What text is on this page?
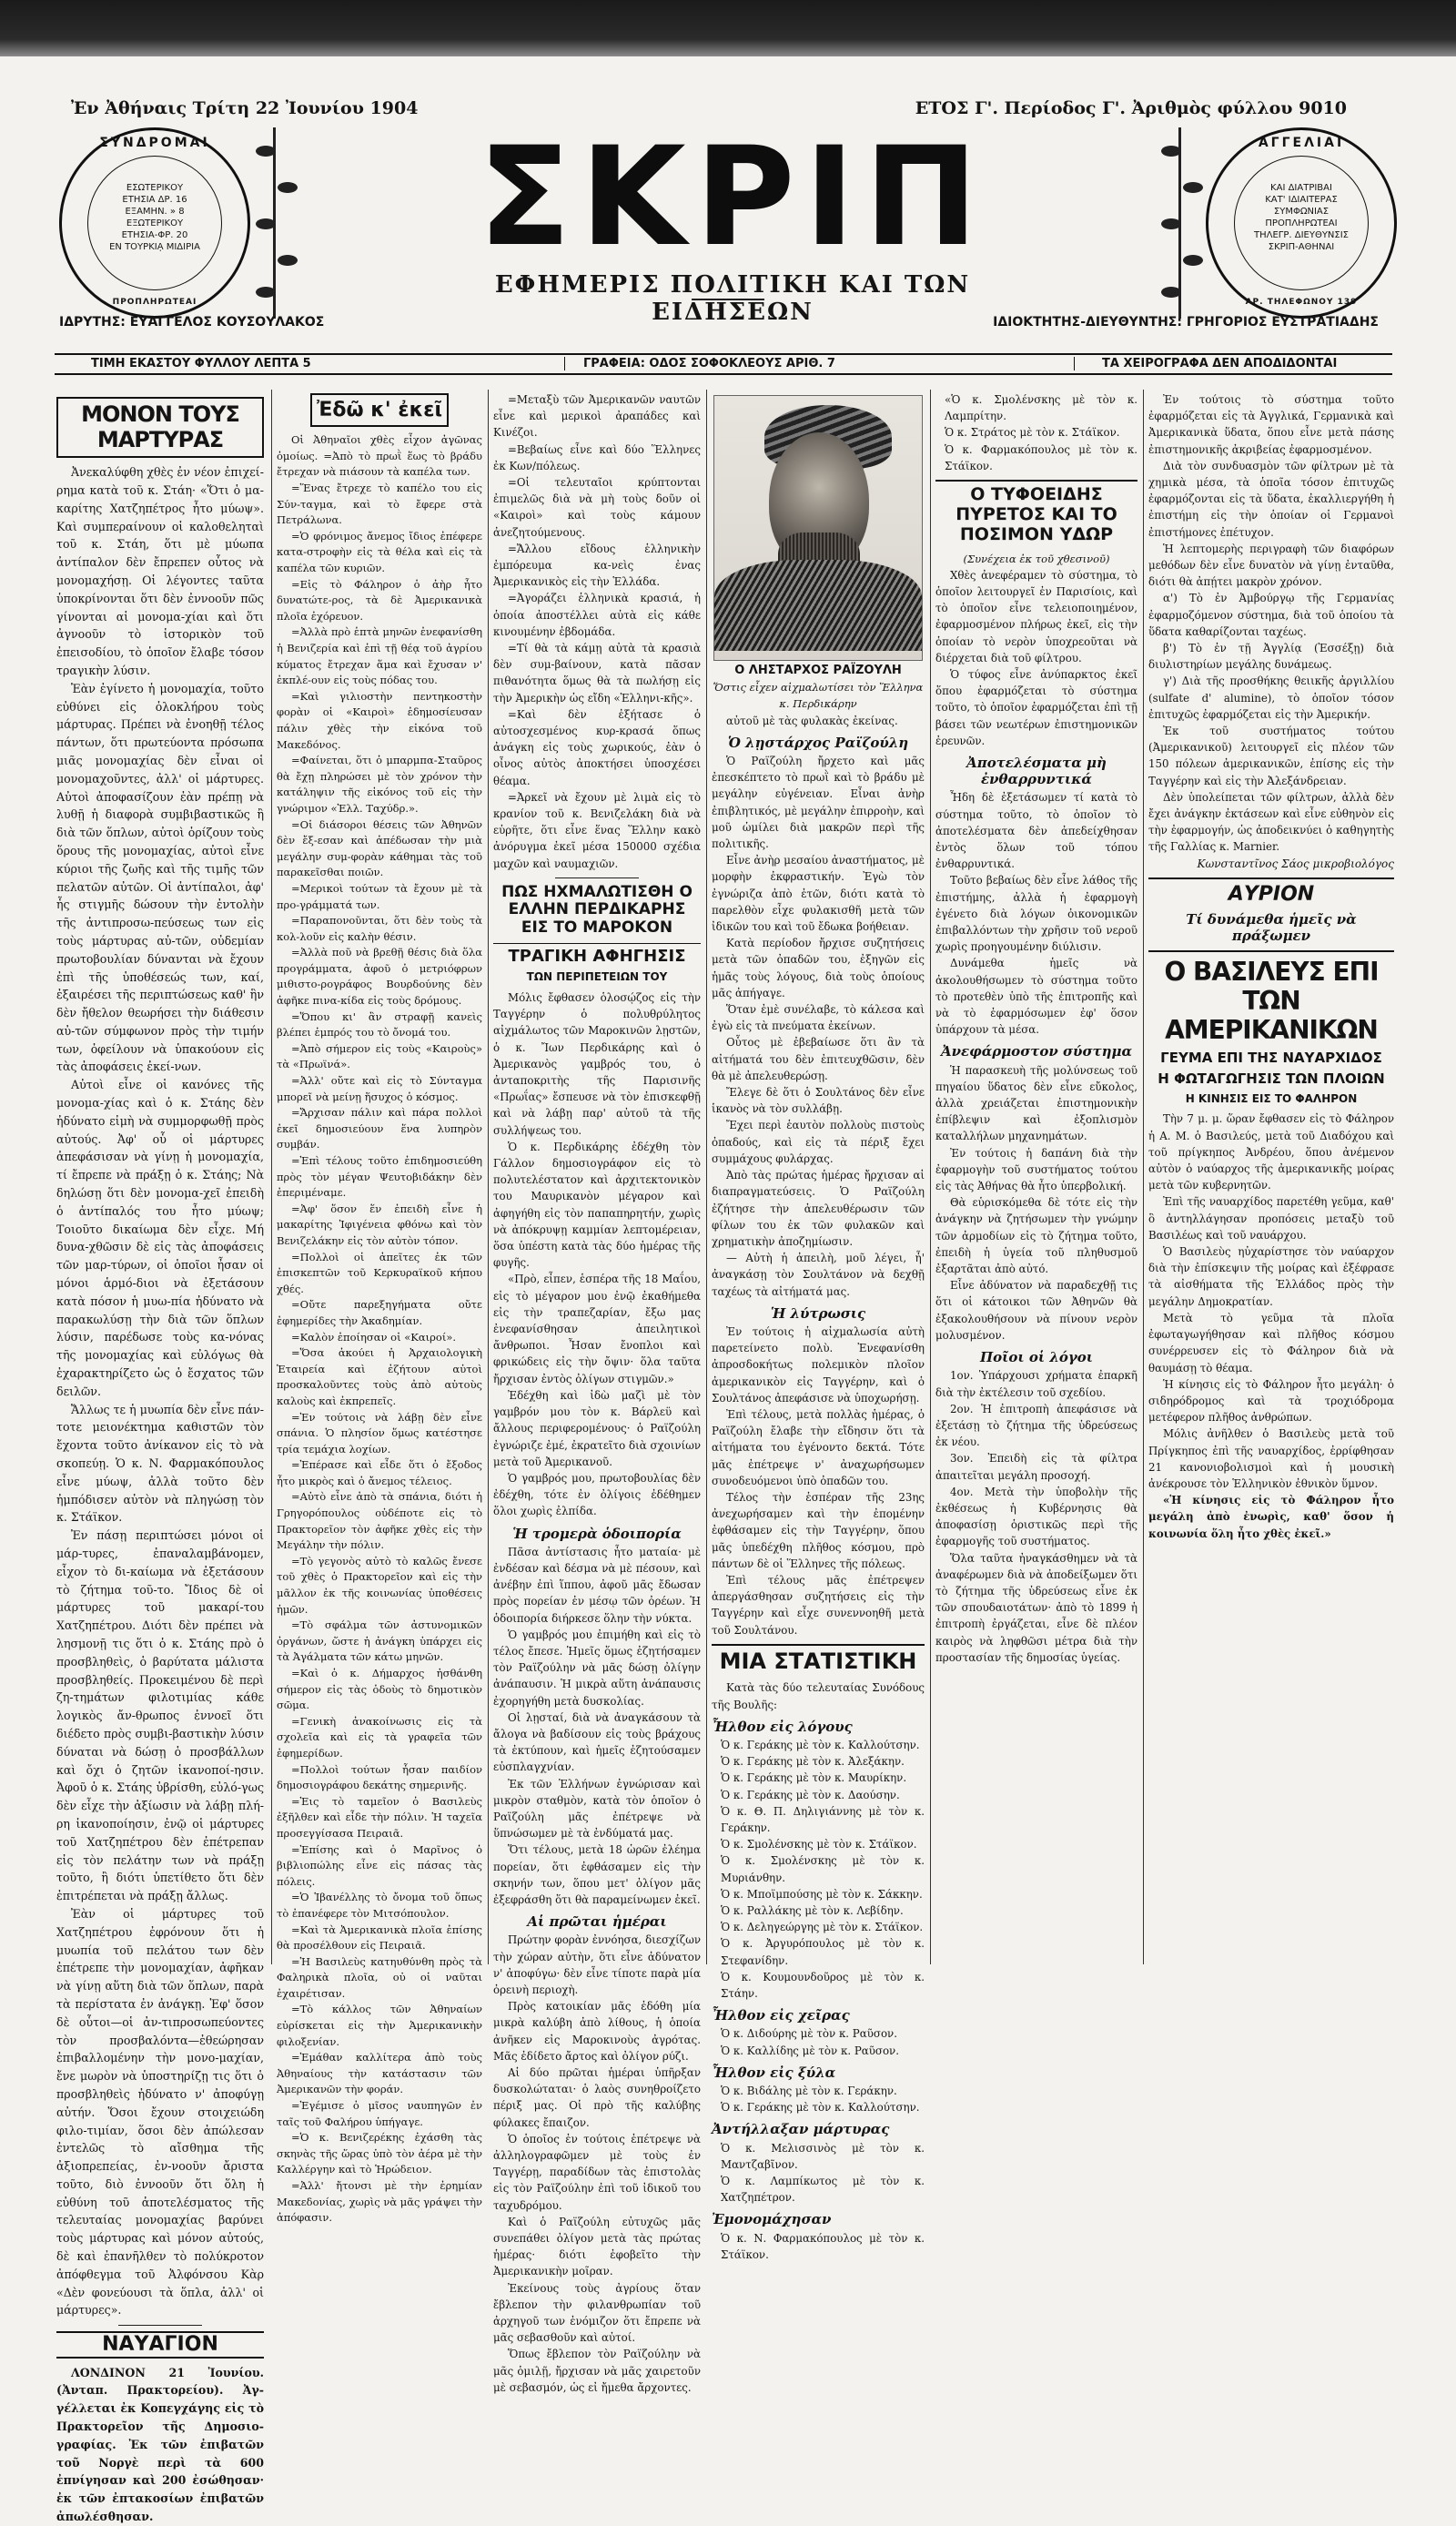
Ἐν Ἀθήναις Τρίτη 22 Ἰουνίου 1904	ΕΤΟΣ Γ'. Περίοδος Γ'. Ἀριθμὸς φύλλου 9010
ΣΥΝΔΡΟΜΑΙ
ΕΣΩΤΕΡΙΚΟΥ
ΕΤΗΣΙΑ ΔΡ. 16
ΕΞΑΜΗΝ. » 8
ΕΞΩΤΕΡΙΚΟΥ
ΕΤΗΣΙΑ-ΦΡ. 20
ΕΝ ΤΟΥΡΚΙᾼ ΜΙΔΙΡΙΑ
ΠΡΟΠΛΗΡΩΤΕΑΙ
ΣΚΡΙΠ
ΕΦΗΜΕΡΙΣ ΠΟΛΙΤΙΚΗ ΚΑΙ ΤΩΝ ΕΙΔΗΣΕΩΝ
ΑΓΓΕΛΙΑΙ
ΚΑΙ ΔΙΑΤΡΙΒΑΙ
ΚΑΤ' ΙΔΙΑΙΤΕΡΑΣ
ΣΥΜΦΩΝΙΑΣ
ΠΡΟΠΛΗΡΩΤΕΑΙ
ΤΗΛΕΓΡ. ΔΙΕΥΘΥΝΣΙΣ
ΣΚΡΙΠ-ΑΘΗΝΑΙ
ΑΡ. ΤΗΛΕΦΩΝΟΥ 139
ΙΔΡΥΤΗΣ: ΕΥΑΓΓΕΛΟΣ ΚΟΥΣΟΥΛΑΚΟΣ	ΙΔΙΟΚΤΗΤΗΣ-ΔΙΕΥΘΥΝΤΗΣ: ΓΡΗΓΟΡΙΟΣ ΕΥΣΤΡΑΤΙΑΔΗΣ
ΤΙΜΗ ΕΚΑΣΤΟΥ ΦΥΛΛΟΥ ΛΕΠΤΑ 5	ΓΡΑΦΕΙΑ: ΟΔΟΣ ΣΟΦΟΚΛΕΟΥΣ ΑΡΙΘ. 7	ΤΑ ΧΕΙΡΟΓΡΑΦΑ ΔΕΝ ΑΠΟΔΙΔΟΝΤΑΙ
ΜΟΝΟΝ ΤΟΥΣ ΜΑΡΤΥΡΑΣ

Ἀνεκαλύφθη χθὲς ἐν νέον ἐπιχεί-ρημα κατὰ τοῦ κ. Στάη· «Ὅτι ὁ μα-καρίτης Χατζηπέτρος ἦτο μύωψ». Καὶ συμπεραίνουν οἱ καλοθεληταὶ τοῦ κ. Στάη, ὅτι μὲ μύωπα ἀντίπαλον δὲν ἔπρεπεν οὗτος νὰ μονομαχήσῃ. Οἱ λέγοντες ταῦτα ὑποκρίνονται ὅτι δὲν ἐννοοῦν πῶς γίνονται αἱ μονομα-χίαι καὶ ὅτι ἀγνοοῦν τὸ ἱστορικὸν τοῦ ἐπεισοδίου, τὸ ὁποῖον ἔλαβε τόσον τραγικὴν λύσιν.

Ἐὰν ἐγίνετο ἡ μονομαχία, τοῦτο εὐθύνει εἰς ὁλοκλήρου τοὺς μάρτυρας. Πρέπει νὰ ἐνοηθῇ τέλος πάντων, ὅτι πρωτεύοντα πρόσωπα μιᾶς μονομαχίας δὲν εἶναι οἱ μονομαχοῦντες, ἀλλ' οἱ μάρτυρες. Αὐτοὶ ἀποφασίζουν ἐὰν πρέπῃ νὰ λυθῇ ἡ διαφορὰ συμβιβαστικῶς ἢ διὰ τῶν ὅπλων, αὐτοὶ ὁρίζουν τοὺς ὅρους τῆς μονομαχίας, αὐτοὶ εἶνε κύριοι τῆς ζωῆς καὶ τῆς τιμῆς τῶν πελατῶν αὐτῶν. Οἱ ἀντίπαλοι, ἀφ' ἧς στιγμῆς δώσουν τὴν ἐντολὴν τῆς ἀντιπροσω-πεύσεως των εἰς τοὺς μάρτυρας αὐ-τῶν, οὐδεμίαν πρωτοβουλίαν δύνανται νὰ ἔχουν ἐπὶ τῆς ὑποθέσεώς των, καί, ἐξαιρέσει τῆς περιπτώσεως καθ' ἣν δὲν ἤθελον θεωρήσει τὴν διάθεσιν αὐ-τῶν σύμφωνον πρὸς τὴν τιμήν των, ὀφείλουν νὰ ὑπακούουν εἰς τὰς ἀποφάσεις ἐκεί-νων.

Αὐτοὶ εἶνε οἱ κανόνες τῆς μονομα-χίας καὶ ὁ κ. Στάης δὲν ἠδύνατο εἰμὴ νὰ συμμορφωθῇ πρὸς αὐτούς. Ἀφ' οὗ οἱ μάρτυρες ἀπεφάσισαν νὰ γίνῃ ἡ μονομαχία, τί ἔπρεπε νὰ πράξῃ ὁ κ. Στάης; Νὰ δηλώσῃ ὅτι δὲν μονομα-χεῖ ἐπειδὴ ὁ ἀντίπαλός του ἦτο μύωψ; Τοιοῦτο δικαίωμα δὲν εἶχε. Μή δυνα-χθῶσιν δὲ εἰς τὰς ἀποφάσεις τῶν μαρ-τύρων, οἱ ὁποῖοι ἦσαν οἱ μόνοι ἁρμό-διοι νὰ ἐξετάσουν κατὰ πόσον ἡ μυω-πία ἠδύνατο νὰ παρακωλύσῃ τὴν διὰ τῶν ὅπλων λύσιν, παρέδωσε τοὺς κα-νόνας τῆς μονομαχίας καὶ εὐλόγως θὰ ἐχαρακτηρίζετο ὡς ὁ ἔσχατος τῶν δειλῶν.

Ἄλλως τε ἡ μυωπία δὲν εἶνε πάν-τοτε μειονέκτημα καθιστῶν τὸν ἔχοντα τοῦτο ἀνίκανον εἰς τὸ νὰ σκοπεύῃ. Ὁ κ. Ν. Φαρμακόπουλος εἶνε μύωψ, ἀλλὰ τοῦτο δὲν ἠμπόδισεν αὐτὸν νὰ πληγώσῃ τὸν κ. Στάϊκον.

Ἐν πάσῃ περιπτώσει μόνοι οἱ μάρ-τυρες, ἐπαναλαμβάνομεν, εἶχον τὸ δι-καίωμα νὰ ἐξετάσουν τὸ ζήτημα τοῦ-το. Ἴδιος δὲ οἱ μάρτυρες τοῦ μακαρί-του Χατζηπέτρου. Διότι δὲν πρέπει νὰ λησμονῇ τις ὅτι ὁ κ. Στάης πρὸ ὁ προσβληθεὶς, ὁ βαρύτατα μάλιστα προσβληθείς. Προκειμένου δὲ περὶ ζη-τημάτων φιλοτιμίας κάθε λογικὸς ἄν-θρωπος ἐννοεῖ ὅτι διέδετο πρὸς συμβι-βαστικὴν λύσιν δύναται νὰ δώσῃ ὁ προσβάλλων καὶ ὄχι ὁ ζητῶν ἱκανοποί-ησιν. Ἀφοῦ ὁ κ. Στάης ὑβρίσθη, εὐλό-γως δὲν εἶχε τὴν ἀξίωσιν νὰ λάβῃ πλή-ρη ἱκανοποίησιν, ἐνῷ οἱ μάρτυρες τοῦ Χατζηπέτρου δὲν ἐπέτρεπαν εἰς τὸν πελάτην των νὰ πράξῃ τοῦτο, ἢ διότι ὑπετίθετο ὅτι δὲν ἐπιτρέπεται νὰ πράξῃ ἄλλως.

Ἐὰν οἱ μάρτυρες τοῦ Χατζηπέτρου ἐφρόνουν ὅτι ἡ μυωπία τοῦ πελάτου των δὲν ἐπέτρεπε τὴν μονομαχίαν, ἀφῆκαν νὰ γίνῃ αὕτη διὰ τῶν ὅπλων, παρὰ τὰ περίστατα ἐν ἀνάγκῃ. Ἐφ' ὅσον δὲ οὗτοι—οἱ ἀν-τιπροσωπεύοντες τὸν προσβαλόντα—ἐθεώρησαν ἐπιβαλλομένην τὴν μονο-μαχίαν, ἔνε μωρὸν νὰ ὑποστηρίζῃ τις ὅτι ὁ προσβληθεὶς ἠδύνατο ν' ἀποφύγῃ αὐτήν. Ὅσοι ἔχουν στοιχειώδη φιλο-τιμίαν, ὅσοι δὲν ἀπώλεσαν ἐντελῶς τὸ αἴσθημα τῆς ἀξιοπρεπείας, ἐν-νοοῦν ἄριστα τοῦτο, διὸ ἐννοοῦν ὅτι ὅλη ἡ εὐθύνη τοῦ ἀποτελέσματος τῆς τελευταίας μονομαχίας βαρύνει τοὺς μάρτυρας καὶ μόνον αὐτούς, δὲ καὶ ἐπανῆλθεν τὸ πολύκροτον ἀπόφθεγμα τοῦ Ἀλφόνσου Κὰρ «Δὲν φονεύουσι τὰ ὅπλα, ἀλλ' οἱ μάρτυρες».

ΝΑΥΑΓΙΟΝ

ΛΟΝΔΙΝΟΝ 21 Ἰουνίου. (Ἀνταπ. Πρακτορείου). Ἀγ-γέλλεται ἐκ Κοπεγχάγης εἰς τὸ Πρακτορεῖον τῆς Δημοσιο-γραφίας. Ἐκ τῶν ἐπιβατῶν τοῦ Νοργὲ περὶ τὰ 600 ἐπνίγησαν καὶ 200 ἐσώθησαν· ἐκ τῶν ἐπτακοσίων ἐπιβατῶν ἀπωλέσθησαν.

Ἐδῶ κ' ἐκεῖ

Οἱ Ἀθηναῖοι χθὲς εἶχον ἀγῶνας ὁμοίως. =Ἀπὸ τὸ πρωῒ ἕως τὸ βράδυ ἔτρεχαν νὰ πιάσουν τὰ καπέλα των.

=Ἕνας ἔτρεχε τὸ καπέλο του εἰς Σύν-ταγμα, καὶ τὸ ἔφερε στὰ Πετράλωνα.

=Ὁ φρόνιμος ἄνεμος ἴδιος ἐπέφερε κατα-στροφὴν εἰς τὰ θέλα καὶ εἰς τὰ καπέλα τῶν κυριῶν.

=Εἰς τὸ Φάληρον ὁ ἀὴρ ἦτο δυνατώτε-ρος, τὰ δὲ Ἀμερικανικὰ πλοῖα ἐχόρευον.

=Ἀλλὰ πρὸ ἑπτὰ μηνῶν ἐνεφανίσθη ἡ Βενιζερία καὶ ἐπὶ τῇ θέᾳ τοῦ ἀγρίου κύματος ἔτρεχαν ἅμα καὶ ἔχυσαν ν' ἐκπλέ-ουν εἰς τοὺς πόδας του.

=Καὶ γιλιοστὴν πεντηκοστὴν φορὰν οἱ «Καιροὶ» ἐδημοσίευσαν πάλιν χθὲς τὴν εἰκόνα τοῦ Μακεδόνος.

=Φαίνεται, ὅτι ὁ μπαρμπα-Σταῦρος θὰ ἔχῃ πληρώσει μὲ τὸν χρόνον τὴν κατάληψιν τῆς εἰκόνος τοῦ εἰς τὴν γνώριμον «Ἐλλ. Ταχύδρ.».

=Οἱ διάσοροι θέσεις τῶν Ἀθηνῶν δὲν ἔξ-εσαν καὶ ἀπέδωσαν τὴν μιὰ μεγάλην συμ-φορὰν κάθημαι τὰς τοῦ παρακεῖσθαι ποιῶν.

=Μερικοὶ τούτων τὰ ἔχουν μὲ τὰ προ-γράμματά των.

=Παραπονοῦνται, ὅτι δὲν τοὺς τὰ κολ-λοῦν εἰς καλὴν θέσιν.

=Ἀλλὰ ποῦ νὰ βρεθῇ θέσις διὰ ὅλα προγράμματα, ἀφοῦ ὁ μετριόφρων μιθιστο-ρογράφος Βουρδούνης δὲν ἀφῆκε πινα-κίδα εἰς τοὺς δρόμους.

=Ὅπου κι' ἂν στραφῇ κανεὶς βλέπει ἐμπρός του τὸ ὄνομά του.

=Ἀπὸ σήμερον εἰς τοὺς «Καιροὺς» τὰ «Πρωϊνά».

=Ἀλλ' οὔτε καὶ εἰς τὸ Σύνταγμα μπορεῖ νὰ μείνῃ ἥσυχος ὁ κόσμος.

=Ἄρχισαν πάλιν καὶ πάρα πολλοὶ ἐκεῖ δημοσιεύουν ἕνα λυπηρὸν συμβάν.

=Ἐπὶ τέλους τοῦτο ἐπιδημοσιεύθη πρὸς τὸν μέγαν Ψευτοβιδάκην δὲν ἐπεριμέναμε.

=Ἀφ' ὅσον ἕν ἐπειδὴ εἶνε ἡ μακαρίτης Ἰφιγένεια φθόνω καὶ τὸν Βενιζελάκην εἰς τὸν αὐτὸν τόπον.

=Πολλοὶ οἱ ἀπεῖτες ἐκ τῶν ἐπισκεπτῶν τοῦ Κερκυραϊκοῦ κήπου χθές.

=Οὔτε παρεξηγήματα οὔτε ἐφημερίδες τὴν Ἀκαδημίαν.

=Καλὸν ἐποίησαν οἱ «Καιροί».

=Ὅσα ἀκούει ἡ Ἀρχαιολογικὴ Ἑταιρεία καὶ ἐζήτουν αὐτοὶ προσκαλοῦντες τοὺς ἀπὸ αὐτοὺς καλοὺς καὶ ἐκπρεπεῖς.

=Ἐν τούτοις νὰ λάβῃ δὲν εἶνε σπάνια. Ὁ πλησίον ὅμως κατέστησε τρία τεμάχια λοχίων.

=Ἐπέρασε καὶ εἶδε ὅτι ὁ ἔξοδος ἦτο μικρὸς καὶ ὁ ἄνεμος τέλειος.

=Αὐτὸ εἶνε ἀπὸ τὰ σπάνια, διότι ἡ Γρηγορόπουλος οὐδέποτε εἰς τὸ Πρακτορεῖον τὸν ἀφῆκε χθὲς εἰς τὴν Μεγάλην τὴν πόλιν.

=Τὸ γεγονὸς αὐτὸ τὸ καλῶς ἔνεσε τοῦ χθὲς ὁ Πρακτορεῖον καὶ εἰς τὴν μᾶλλον ἐκ τῆς κοινωνίας ὑποθέσεις ἡμῶν.

=Τὸ σφάλμα τῶν ἀστυνομικῶν ὀργάνων, ὥστε ἡ ἀνάγκη ὑπάρχει εἰς τὰ Ἀγάλματα τῶν κάτω μηνῶν.

=Καὶ ὁ κ. Δήμαρχος ἠσθάνθη σήμερον εἰς τὰς ὁδοὺς τὸ δημοτικὸν σῶμα.

=Γενικὴ ἀνακοίνωσις εἰς τὰ σχολεῖα καὶ εἰς τὰ γραφεῖα τῶν ἐφημερίδων.

=Πολλοὶ τούτων ἦσαν παιδίον δημοσιογράφου δεκάτης σημερινῆς.

=Ἐις τὸ ταμεῖον ὁ Βασιλεὺς ἐξῆλθεν καὶ εἶδε τὴν πόλιν. Ἡ ταχεῖα προσεγγίσασα Πειραιᾶ.

=Ἐπίσης καὶ ὁ Μαρῖνος ὁ βιβλιοπώλης εἶνε εἰς πάσας τὰς πόλεις.

=Ὁ Ἱβανέλλης τὸ ὄνομα τοῦ ὅπως τὸ ἐπανέφερε τὸν Μιτσόπουλον.

=Καὶ τὰ Ἀμερικανικὰ πλοῖα ἐπίσης θὰ προσέλθουν εἰς Πειραιᾶ.

=Ἡ Βασιλεὺς κατηυθύνθη πρὸς τὰ Φαληρικὰ πλοῖα, οὐ οἱ ναῦται ἐχαιρέτισαν.

=Τὸ κάλλος τῶν Ἀθηναίων εὐρίσκεται εἰς τὴν Ἀμερικανικὴν φιλοξενίαν.

=Ἐμάθαν καλλίτερα ἀπὸ τοὺς Ἀθηναίους τὴν κατάστασιν τῶν Ἀμερικανῶν τὴν φοράν.

=Ἐγέμισε ὁ μῖσος ναυπηγῶν ἐν ταῖς τοῦ Φαλήρου ὑπήγαγε.

=Ὁ κ. Βενιζερέκης ἐχάσθη τὰς σκηνὰς τῆς ὥρας ὑπὸ τὸν ἀέρα μὲ τὴν Καλλέργην καὶ τὸ Ἡρώδειον.

=Ἀλλ' ἤτονσι μὲ τὴν ἐρημίαν Μακεδονίας, χωρὶς νὰ μᾶς γράψει τὴν ἀπόφασιν.

=Μεταξὺ τῶν Ἀμερικανῶν ναυτῶν εἶνε καὶ μερικοὶ ἀραπάδες καὶ Κινέζοι.

=Βεβαίως εἶνε καὶ δύο Ἕλληνες ἐκ Κων/πόλεως.

=Οἱ τελευταῖοι κρύπτονται ἐπιμελῶς διὰ νὰ μὴ τοὺς δοῦν οἱ «Καιροὶ» καὶ τοὺς κάμουν ἀνεζητούμενους.

=Ἄλλου εἴδους ἑλληνικὴν ἐμπόρευμα κα-νεὶς ἐνας Ἀμερικανικὸς εἰς τὴν Ἑλλάδα.

=Ἀγοράζει ἑλληνικὰ κρασιά, ἡ ὁποία ἀποστέλλει αὐτὰ εἰς κάθε κινουμένην ἐβδομάδα.

=Τί θὰ τὰ κάμῃ αὐτὰ τὰ κρασιὰ δὲν συμ-βαίνουν, κατὰ πᾶσαν πιθανότητα ὅμως θὰ τὰ πωλήσῃ εἰς τὴν Ἀμερικὴν ὡς εἴδη «Ἑλληνι-κῆς».

=Καὶ δὲν ἐξήτασε ὁ αὐτοσχεσμένος κυρ-κρασά ὅπως ἀνάγκη εἰς τοὺς χωρικούς, ἐὰν ὁ οἶνος αὐτὸς ἀποκτήσει ὑποσχέσει θέαμα.

=Ἀρκεῖ νὰ ἔχουν μὲ λιμὰ εἰς τὸ κρανίον τοῦ κ. Βενιζελάκη διὰ νὰ εὑρῆτε, ὅτι εἶνε ἕνας Ἕλλην κακὸ ἀνόρυγμα ἐκεῖ μέσα 150000 σχέδια μαχῶν καὶ ναυμαχιῶν.

ΠΩΣ ΗΧΜΑΛΩΤΙΣΘΗ Ο ΕΛΛΗΝ ΠΕΡΔΙΚΑΡΗΣ ΕΙΣ ΤΟ ΜΑΡΟΚΟΝ
ΤΡΑΓΙΚΗ ΑΦΗΓΗΣΙΣ
ΤΩΝ ΠΕΡΙΠΕΤΕΙΩΝ ΤΟΥ

Μόλις ἔφθασεν ὁλοσῴζος εἰς τὴν Ταγγέρην ὁ πολυθρύλητος αἰχμάλωτος τῶν Μαροκινῶν λῃστῶν, ὁ κ. Ἴων Περδικάρης καὶ ὁ Ἀμερικανὸς γαμβρός του, ὁ ἀνταποκριτὴς τῆς Παρισινῆς «Πρωΐας» ἔσπευσε νὰ τὸν ἐπισκεφθῇ καὶ νὰ λάβῃ παρ' αὐτοῦ τὰ τῆς συλλήψεως του.

Ὁ κ. Περδικάρης ἐδέχθη τὸν Γάλλον δημοσιογράφον εἰς τὸ πολυτελέστατον καὶ ἀρχιτεκτονικὸν του Μαυρικανὸν μέγαρον καὶ ἀφηγήθη εἰς τὸν παπαπηρητήν, χωρὶς νὰ ἀπόκρυψῃ καμμίαν λεπτομέρειαν, ὅσα ὑπέστη κατὰ τὰς δύο ἡμέρας τῆς φυγῆς.

«Πρὸ, εἶπεν, ἑσπέρα τῆς 18 Μαΐου, εἰς τὸ μέγαρον μου ἐνῷ ἐκαθήμεθα εἰς τὴν τραπεζαρίαν, ἔξω μας ἐνεφανίσθησαν ἀπειλητικοὶ ἄνθρωποι. Ἦσαν ἔνοπλοι καὶ φρικώδεις εἰς τὴν ὄψιν· ὅλα ταῦτα ἤρχισαν ἐντὸς ὀλίγων στιγμῶν.»

Ἐδέχθη καὶ ἰδὼ μαζὶ μὲ τὸν γαμβρόν μου τὸν κ. Βάρλεϋ καὶ ἄλλους περιφερομένους· ὁ Ραϊζούλη ἐγνώριζε ἐμέ, ἐκρατεῖτο διὰ σχοινίων μετὰ τοῦ Ἀμερικανοῦ.

Ὁ γαμβρός μου, πρωτοβουλίας δὲν ἐδέχθη, τότε ἐν ὀλίγοις ἐδέθημεν ὅλοι χωρὶς ἐλπίδα.

Ἡ τρομερὰ ὁδοιπορία

Πᾶσα ἀντίστασις ἦτο ματαία· μὲ ἐνδέσαν καὶ δέσμα νὰ μὲ πέσουν, καὶ ἀνέβην ἐπὶ ἵππου, ἀφοῦ μᾶς ἔδωσαν πρὸς πορείαν ἐν μέσῳ τῶν ὀρέων. Ἡ ὁδοιπορία διήρκεσε ὅλην τὴν νύκτα.

Ὁ γαμβρός μου ἐπιμήθη καὶ εἰς τὸ τέλος ἔπεσε. Ἡμεῖς ὅμως ἐζητήσαμεν τὸν Ραϊζούλην νὰ μᾶς δώσῃ ὀλίγην ἀνάπαυσιν. Ἡ μικρὰ αὕτη ἀνάπαυσις ἐχορηγήθη μετὰ δυσκολίας.

Οἱ λῃσταί, διὰ νὰ ἀναγκάσουν τὰ ἄλογα νὰ βαδίσουν εἰς τοὺς βράχους τὰ ἐκτύπουν, καὶ ἡμεῖς ἐζητούσαμεν εὐσπλαγχνίαν.

Ἐκ τῶν Ἑλλήνων ἐγνώρισαν καὶ μικρὸν σταθμὸν, κατὰ τὸν ὁποῖον ὁ Ραϊζούλη μᾶς ἐπέτρεψε νὰ ὕπνώσωμεν μὲ τὰ ἐνδύματά μας.

Ὅτι τέλους, μετὰ 18 ὡρῶν ἐλέημα πορείαν, ὅτι ἐφθάσαμεν εἰς τὴν σκηνήν των, ὅπου μετ' ὀλίγον μᾶς ἐξεφράσθη ὅτι θὰ παραμείνωμεν ἐκεῖ.

Αἱ πρῶται ἡμέραι

Πρώτην φορὰν ἐννόησα, διεσχίζων τὴν χώραν αὐτὴν, ὅτι εἶνε ἀδύνατον ν' ἀποφύγω· δὲν εἶνε τίποτε παρὰ μία ὀρεινὴ περιοχὴ.

Πρὸς κατοικίαν μᾶς ἐδόθη μία μικρὰ καλύβη ἀπὸ λίθους, ἡ ὁποία ἀνῆκεν εἰς Μαροκινοὺς ἀγρότας. Μᾶς ἐδίδετο ἄρτος καὶ ὀλίγον ρύζι.

Αἱ δύο πρῶται ἡμέραι ὑπῆρξαν δυσκολώταται· ὁ λαὸς συνηθροίζετο πέριξ μας. Οἱ πρὸ τῆς καλύβης φύλακες ἔπαιζον.

Ὁ ὁποῖος ἐν τούτοις ἐπέτρεψε νὰ ἀλληλογραφῶμεν μὲ τοὺς ἐν Ταγγέρῃ, παραδίδων τὰς ἐπιστολὰς εἰς τὸν Ραϊζούλην ἐπὶ τοῦ ἰδικοῦ του ταχυδρόμου.

Καὶ ὁ Ραϊζούλη εὐτυχῶς μᾶς συνεπάθει ὀλίγον μετὰ τὰς πρώτας ἡμέρας· διότι ἐφοβεῖτο τὴν Ἀμερικανικὴν μοῖραν.

Ἐκείνους τοὺς ἀγρίους ὅταν ἔβλεπον τὴν φιλανθρωπίαν τοῦ ἀρχηγοῦ των ἐνόμιζον ὅτι ἔπρεπε νὰ μᾶς σεβασθοῦν καὶ αὐτοί.

Ὅπως ἔβλεπον τὸν Ραϊζούλην νὰ μᾶς ὁμιλῇ, ἤρχισαν νὰ μᾶς χαιρετοῦν μὲ σεβασμόν, ὡς εἰ ἤμεθα ἄρχοντες.

Ο ΛΗΣΤΑΡΧΟΣ ΡΑΪΖΟΥΛΗ
Ὅστις εἶχεν αἰχμαλωτίσει τὸν Ἕλληνα κ. Περδικάρην

αὐτοῦ μὲ τὰς φυλακὰς ἐκείνας.

Ὁ λῃστάρχος Ραϊζούλη

Ὁ Ραϊζούλη ἤρχετο καὶ μᾶς ἐπεσκέπτετο τὸ πρωῒ καὶ τὸ βράδυ μὲ μεγάλην εὐγένειαν. Εἶναι ἀνὴρ ἐπιβλητικός, μὲ μεγάλην ἐπιρροὴν, καὶ μοῦ ὡμίλει διὰ μακρῶν περὶ τῆς πολιτικῆς.

Εἶνε ἀνὴρ μεσαίου ἀναστήματος, μὲ μορφὴν ἐκφραστικήν. Ἐγὼ τὸν ἐγνώριζα ἀπὸ ἐτῶν, διότι κατὰ τὸ παρελθὸν εἶχε φυλακισθῆ μετὰ τῶν ἰδικῶν του καὶ τοῦ ἔδωκα βοήθειαν.

Κατὰ περίοδον ἤρχισε συζητήσεις μετὰ τῶν ὀπαδῶν του, ἐξηγῶν εἰς ἡμᾶς τοὺς λόγους, διὰ τοὺς ὁποίους μᾶς ἀπήγαγε.

Ὅταν ἐμὲ συνέλαβε, τὸ κάλεσα καὶ ἐγὼ εἰς τὰ πνεύματα ἐκείνων.

Οὗτος μὲ ἐβεβαίωσε ὅτι ἂν τὰ αἰτήματά του δὲν ἐπιτευχθῶσιν, δὲν θὰ μὲ ἀπελευθερώσῃ.

Ἔλεγε δὲ ὅτι ὁ Σουλτάνος δὲν εἶνε ἱκανὸς νὰ τὸν συλλάβῃ.

Ἔχει περὶ ἑαυτὸν πολλοὺς πιστοὺς ὀπαδούς, καὶ εἰς τὰ πέριξ ἔχει συμμάχους φυλάρχας.

Ἀπὸ τὰς πρώτας ἡμέρας ἤρχισαν αἱ διαπραγματεύσεις. Ὁ Ραϊζούλη ἐζήτησε τὴν ἀπελευθέρωσιν τῶν φίλων του ἐκ τῶν φυλακῶν καὶ χρηματικὴν ἀποζημίωσιν.

— Αὐτὴ ἡ ἀπειλὴ, μοῦ λέγει, ἦ' ἀναγκάσῃ τὸν Σουλτάνον νὰ δεχθῇ ταχέως τὰ αἰτήματά μας.

Ἡ λύτρωσις

Ἐν τούτοις ἡ αἰχμαλωσία αὐτὴ παρετείνετο πολὺ. Ἐνεφανίσθη ἀπροσδοκήτως πολεμικὸν πλοῖον ἀμερικανικὸν εἰς Ταγγέρην, καὶ ὁ Σουλτάνος ἀπεφάσισε νὰ ὑποχωρήσῃ.

Ἐπὶ τέλους, μετὰ πολλὰς ἡμέρας, ὁ Ραϊζούλη ἔλαβε τὴν εἴδησιν ὅτι τὰ αἰτήματα του ἐγένοντο δεκτά. Τότε μᾶς ἐπέτρεψε ν' ἀναχωρήσωμεν συνοδευόμενοι ὑπὸ ὀπαδῶν του.

Τέλος τὴν ἑσπέραν τῆς 23ης ἀνεχωρήσαμεν καὶ τὴν ἐπομένην ἐφθάσαμεν εἰς τὴν Ταγγέρην, ὅπου μᾶς ὑπεδέχθη πλῆθος κόσμου, πρὸ πάντων δὲ οἱ Ἕλληνες τῆς πόλεως.

Ἐπὶ τέλους μᾶς ἐπέτρεψεν ἀπεργάσθησαν συζητήσεις εἰς τὴν Ταγγέρην καὶ εἶχε συνεννοηθῆ μετὰ τοῦ Σουλτάνου.

ΜΙΑ ΣΤΑΤΙΣΤΙΚΗ

Κατὰ τὰς δύο τελευταίας Συνόδους τῆς Βουλῆς:

Ἦλθον εἰς λόγους

Ὁ κ. Γεράκης μὲ τὸν κ. Καλλούτσην.

Ὁ κ. Γεράκης μὲ τὸν κ. Ἀλεξάκην.

Ὁ κ. Γεράκης μὲ τὸν κ. Μαυρίκην.

Ὁ κ. Γεράκης μὲ τὸν κ. Δαούσην.

Ὁ κ. Θ. Π. Δηλιγιάννης μὲ τὸν κ. Γεράκην.

Ὁ κ. Σμολένσκης μὲ τὸν κ. Στάϊκον.

Ὁ κ. Σμολένσκης μὲ τὸν κ. Μυριάνθην.

Ὁ κ. Μποϊμπούσης μὲ τὸν κ. Σάκκην.

Ὁ κ. Ραλλάκης μὲ τὸν κ. Λεβίδην.

Ὁ κ. Δεληγεώργης μὲ τὸν κ. Στάϊκον.

Ὁ κ. Ἀργυρόπουλος μὲ τὸν κ. Στεφανίδην.

Ὁ κ. Κουμουνδοῦρος μὲ τὸν κ. Στάην.

Ἦλθον εἰς χεῖρας

Ὁ κ. Διδούρης μὲ τὸν κ. Ραῦσον.

Ὁ κ. Καλλίδης μὲ τὸν κ. Ραῦσον.

Ἦλθον εἰς ξύλα

Ὁ κ. Βιδάλης μὲ τὸν κ. Γεράκην.

Ὁ κ. Γεράκης μὲ τὸν κ. Καλλούτσην.

Ἀντήλλαξαν μάρτυρας

Ὁ κ. Μελισσινὸς μὲ τὸν κ. Μαντζαβῖνον.

Ὁ κ. Λαμπίκωτος μὲ τὸν κ. Χατζηπέτρον.

Ἐμονομάχησαν

Ὁ κ. Ν. Φαρμακόπουλος μὲ τὸν κ. Στάϊκον.

«Ὁ κ. Σμολένσκης μὲ τὸν κ. Λαμπρίτην.

Ὁ κ. Στράτος μὲ τὸν κ. Στάϊκον.

Ὁ κ. Φαρμακόπουλος μὲ τὸν κ. Στάϊκον.

Ο ΤΥΦΟΕΙΔΗΣ ΠΥΡΕΤΟΣ ΚΑΙ ΤΟ ΠΟΣΙΜΟΝ ΥΔΩΡ
(Συνέχεια ἐκ τοῦ χθεσινοῦ)

Χθὲς ἀνεφέραμεν τὸ σύστημα, τὸ ὁποῖον λειτουργεῖ ἐν Παρισίοις, καὶ τὸ ὁποῖον εἶνε τελειοποιημένον, ἐφαρμοσμένον πλήρως ἐκεῖ, εἰς τὴν ὁποίαν τὸ νερὸν ὑποχρεοῦται νὰ διέρχεται διὰ τοῦ φίλτρου.

Ὁ τύφος εἶνε ἀνύπαρκτος ἐκεῖ ὅπου ἐφαρμόζεται τὸ σύστημα τοῦτο, τὸ ὁποῖον ἐφαρμόζεται ἐπὶ τῇ βάσει τῶν νεωτέρων ἐπιστημονικῶν ἐρευνῶν.

Ἀποτελέσματα μὴ ἐνθαρρυντικά

Ἦδη δὲ ἐξετάσωμεν τί κατὰ τὸ σύστημα τοῦτο, τὸ ὁποῖον τὸ ἀποτελέσματα δὲν ἀπεδείχθησαν ἐντὸς ὅλων τοῦ τόπου ἐνθαρρυντικά.

Τοῦτο βεβαίως δὲν εἶνε λάθος τῆς ἐπιστήμης, ἀλλὰ ἡ ἐφαρμογὴ ἐγένετο διὰ λόγων ὀικονομικῶν ἐπιβαλλόντων τὴν χρῆσιν τοῦ νεροῦ χωρὶς προηγουμένην διύλισιν.

Δυνάμεθα ἡμεῖς νὰ ἀκολουθήσωμεν τὸ σύστημα τοῦτο τὸ προτεθὲν ὑπὸ τῆς ἐπιτροπῆς καὶ νὰ τὸ ἐφαρμόσωμεν ἐφ' ὅσον ὑπάρχουν τὰ μέσα.

Ἀνεφάρμοστον σύστημα

Ἡ παρασκευὴ τῆς μολύνσεως τοῦ πηγαίου ὕδατος δὲν εἶνε εὔκολος, ἀλλὰ χρειάζεται ἐπιστημονικὴν ἐπίβλεψιν καὶ ἐξοπλισμὸν καταλλήλων μηχανημάτων.

Ἐν τούτοις ἡ δαπάνη διὰ τὴν ἐφαρμογὴν τοῦ συστήματος τούτου εἰς τὰς Ἀθήνας θὰ ἦτο ὑπερβολική.

Θὰ εὑρισκόμεθα δὲ τότε εἰς τὴν ἀνάγκην νὰ ζητήσωμεν τὴν γνώμην τῶν ἀρμοδίων εἰς τὸ ζήτημα τοῦτο, ἐπειδὴ ἡ ὑγεία τοῦ πληθυσμοῦ ἐξαρτᾶται ἀπὸ αὐτό.

Εἶνε ἀδύνατον νὰ παραδεχθῇ τις ὅτι οἱ κάτοικοι τῶν Ἀθηνῶν θὰ ἐξακολουθήσουν νὰ πίνουν νερὸν μολυσμένον.

Ποῖοι οἱ λόγοι

1ον. Ὑπάρχουσι χρήματα ἐπαρκῆ διὰ τὴν ἐκτέλεσιν τοῦ σχεδίου.

2ον. Ἡ ἐπιτροπὴ ἀπεφάσισε νὰ ἐξετάσῃ τὸ ζήτημα τῆς ὑδρεύσεως ἐκ νέου.

3ον. Ἐπειδὴ εἰς τὰ φίλτρα ἀπαιτεῖται μεγάλη προσοχή.

4ον. Μετὰ τὴν ὑποβολὴν τῆς ἐκθέσεως ἡ Κυβέρνησις θὰ ἀποφασίσῃ ὁριστικῶς περὶ τῆς ἐφαρμογῆς τοῦ συστήματος.

Ὅλα ταῦτα ἠναγκάσθημεν νὰ τὰ ἀναφέρωμεν διὰ νὰ ἀποδείξωμεν ὅτι τὸ ζήτημα τῆς ὑδρεύσεως εἶνε ἐκ τῶν σπουδαιοτάτων· ἀπὸ τὸ 1899 ἡ ἐπιτροπὴ ἐργάζεται, εἶνε δὲ πλέον καιρὸς νὰ ληφθῶσι μέτρα διὰ τὴν προστασίαν τῆς δημοσίας ὑγείας.

Ἐν τούτοις τὸ σύστημα τοῦτο ἐφαρμόζεται εἰς τὰ Ἀγγλικά, Γερμανικὰ καὶ Ἀμερικανικὰ ὕδατα, ὅπου εἶνε μετὰ πάσης ἐπιστημονικῆς ἀκριβείας ἐφαρμοσμένον.

Διὰ τὸν συνδυασμὸν τῶν φίλτρων μὲ τὰ χημικὰ μέσα, τὰ ὁποῖα τόσον ἐπιτυχῶς ἐφαρμόζονται εἰς τὰ ὕδατα, ἐκαλλιεργήθη ἡ ἐπιστήμη εἰς τὴν ὁποίαν οἱ Γερμανοὶ ἐπιστήμονες ἐπέτυχον.

Ἡ λεπτομερὴς περιγραφὴ τῶν διαφόρων μεθόδων δὲν εἶνε δυνατὸν νὰ γίνῃ ἐνταῦθα, διότι θὰ ἀπῄτει μακρὸν χρόνον.

α') Τὸ ἐν Ἀμβούργῳ τῆς Γερμανίας ἐφαρμοζόμενον σύστημα, διὰ τοῦ ὁποίου τὰ ὕδατα καθαρίζονται ταχέως.

β') Τὸ ἐν τῇ Ἀγγλίᾳ (Ἐσσέξῃ) διὰ διυλιστηρίων μεγάλης δυνάμεως.

γ') Διὰ τῆς προσθήκης θειικῆς ἀργιλλίου (sulfate d' alumine), τὸ ὁποῖον τόσον ἐπιτυχῶς ἐφαρμόζεται εἰς τὴν Ἀμερικήν.

Ἐκ τοῦ συστήματος τούτου (Ἀμερικανικοῦ) λειτουργεῖ εἰς πλέον τῶν 150 πόλεων ἀμερικανικῶν, ἐπίσης εἰς τὴν Ταγγέρην καὶ εἰς τὴν Ἀλεξάνδρειαν.

Δὲν ὑπολείπεται τῶν φίλτρων, ἀλλὰ δὲν ἔχει ἀνάγκην ἐκτάσεων καὶ εἶνε εὐθηνὸν εἰς τὴν ἐφαρμογήν, ὡς ἀποδεικνύει ὁ καθηγητὴς τῆς Γαλλίας κ. Marnier.

Κωνσταντῖνος Σάος μικροβιολόγος
ΑΥΡΙΟΝ
Τί δυνάμεθα ἡμεῖς νὰ πράξωμεν
Ο ΒΑΣΙΛΕΥΣ ΕΠΙ ΤΩΝ ΑΜΕΡΙΚΑΝΙΚΩΝ
ΓΕΥΜΑ ΕΠΙ ΤΗΣ ΝΑΥΑΡΧΙΔΟΣ
Η ΦΩΤΑΓΩΓΗΣΙΣ ΤΩΝ ΠΛΟΙΩΝ
Η ΚΙΝΗΣΙΣ ΕΙΣ ΤΟ ΦΑΛΗΡΟΝ

Τὴν 7 μ. μ. ὥραν ἔφθασεν εἰς τὸ Φάληρον ἡ Α. Μ. ὁ Βασιλεύς, μετὰ τοῦ Διαδόχου καὶ τοῦ πρίγκηπος Ἀνδρέου, ὅπου ἀνέμενον αὐτὸν ὁ ναύαρχος τῆς ἀμερικανικῆς μοίρας μετὰ τῶν κυβερνητῶν.

Ἐπὶ τῆς ναυαρχίδος παρετέθη γεῦμα, καθ' ὃ ἀντηλλάγησαν προπόσεις μεταξὺ τοῦ Βασιλέως καὶ τοῦ ναυάρχου.

Ὁ Βασιλεὺς ηὐχαρίστησε τὸν ναύαρχον διὰ τὴν ἐπίσκεψιν τῆς μοίρας καὶ ἐξέφρασε τὰ αἰσθήματα τῆς Ἑλλάδος πρὸς τὴν μεγάλην Δημοκρατίαν.

Μετὰ τὸ γεῦμα τὰ πλοῖα ἐφωταγωγήθησαν καὶ πλῆθος κόσμου συνέρρευσεν εἰς τὸ Φάληρον διὰ νὰ θαυμάσῃ τὸ θέαμα.

Ἡ κίνησις εἰς τὸ Φάληρον ἦτο μεγάλη· ὁ σιδηρόδρομος καὶ τὰ τροχιόδρομα μετέφερον πλῆθος ἀνθρώπων.

Μόλις ἀνῆλθεν ὁ Βασιλεὺς μετὰ τοῦ Πρίγκηπος ἐπὶ τῆς ναυαρχίδος, ἐρρίφθησαν 21 κανονιοβολισμοὶ καὶ ἡ μουσικὴ ἀνέκρουσε τὸν Ἑλληνικὸν ἐθνικὸν ὕμνον.

«Ἡ κίνησις εἰς τὸ Φάληρον ἦτο μεγάλη ἀπὸ ἐνωρὶς, καθ' ὅσον ἡ κοινωνία ὅλη ἦτο χθὲς ἐκεῖ.»
